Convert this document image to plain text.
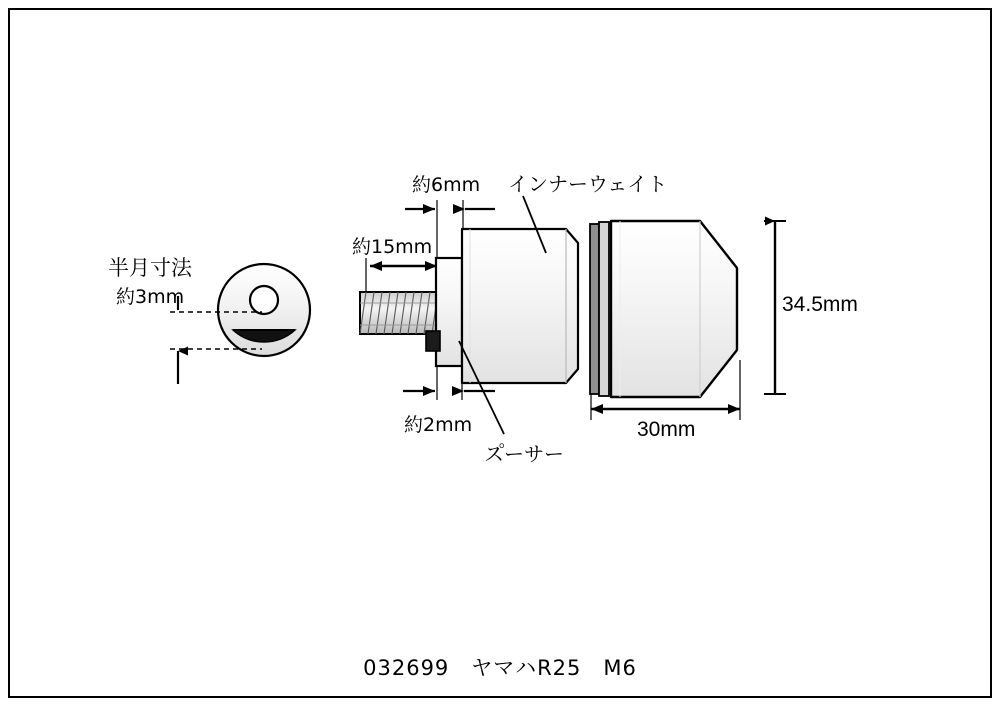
半月寸法
約3mm
約6mm
約15mm
約2mm
インナーウェイト
ス゚ーサー
34.5mm
30mm
032699　ヤマハR25　M6
